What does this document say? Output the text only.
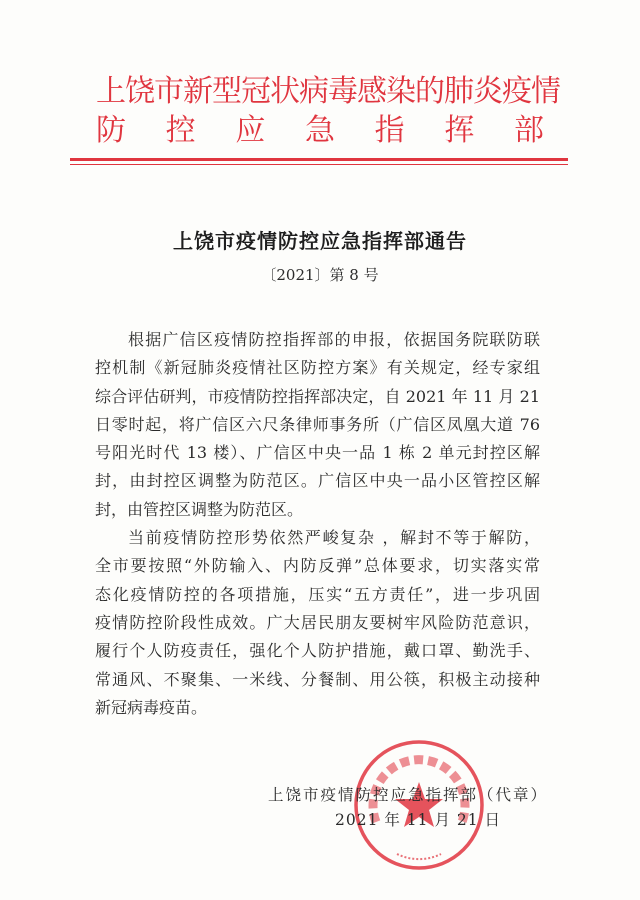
上饶市新型冠状病毒感染的肺炎疫情
防控应急指挥部
上饶市疫情防控应急指挥部通告
〔2021〕第 8 号
根据广信区疫情防控指挥部的申报，依据国务院联防联
控机制《新冠肺炎疫情社区防控方案》有关规定，经专家组
综合评估研判，市疫情防控指挥部决定，自 2021 年 11 月 21
日零时起，将广信区六尺条律师事务所（广信区凤凰大道 76
号阳光时代 13 楼）、广信区中央一品 1 栋 2 单元封控区解
封，由封控区调整为防范区。广信区中央一品小区管控区解
封，由管控区调整为防范区。
当前疫情防控形势依然严峻复杂 ，解封不等于解防，
全市要按照“外防输入、内防反弹”总体要求，切实落实常
态化疫情防控的各项措施，压实“五方责任”，进一步巩固
疫情防控阶段性成效。广大居民朋友要树牢风险防范意识，
履行个人防疫责任，强化个人防护措施，戴口罩、勤洗手、
常通风、不聚集、一米线、分餐制、用公筷，积极主动接种
新冠病毒疫苗。
上饶市疫情防控应急指挥部（代章）
2021 年 11 月 21 日
